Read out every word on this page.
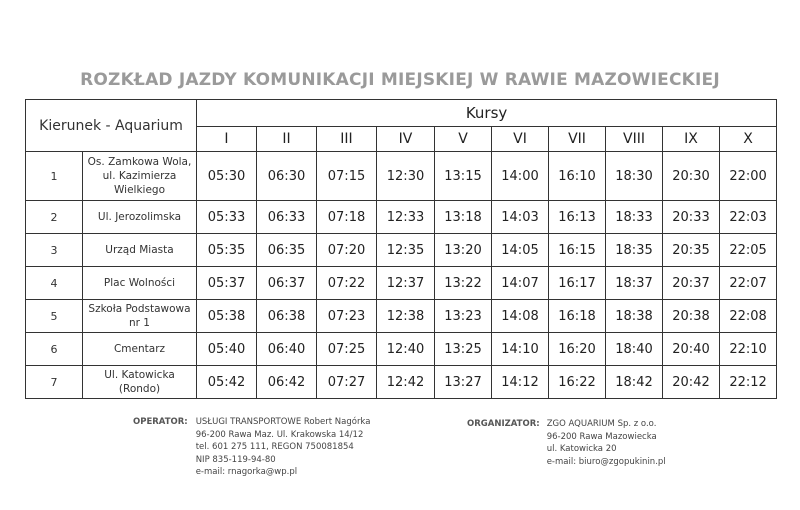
ROZKŁAD JAZDY KOMUNIKACJI MIEJSKIEJ W RAWIE MAZOWIECKIEJ
Kierunek - Aquarium		Kursy									
		I	II	III	IV	V	VI	VII	VIII	IX	X
1	Os. Zamkowa Wola, ul. Kazimierza Wielkiego	05:30	06:30	07:15	12:30	13:15	14:00	16:10	18:30	20:30	22:00
2	Ul. Jerozolimska	05:33	06:33	07:18	12:33	13:18	14:03	16:13	18:33	20:33	22:03
3	Urząd Miasta	05:35	06:35	07:20	12:35	13:20	14:05	16:15	18:35	20:35	22:05
4	Plac Wolności	05:37	06:37	07:22	12:37	13:22	14:07	16:17	18:37	20:37	22:07
5	Szkoła Podstawowa nr 1	05:38	06:38	07:23	12:38	13:23	14:08	16:18	18:38	20:38	22:08
6	Cmentarz	05:40	06:40	07:25	12:40	13:25	14:10	16:20	18:40	20:40	22:10
7	Ul. Katowicka (Rondo)	05:42	06:42	07:27	12:42	13:27	14:12	16:22	18:42	20:42	22:12
OPERATOR: USŁUGI TRANSPORTOWE Robert Nagórka
96-200 Rawa Maz. Ul. Krakowska 14/12
tel. 601 275 111, REGON 750081854
NIP 835-119-94-80
e-mail: rnagorka@wp.pl
ORGANIZATOR: ZGO AQUARIUM Sp. z o.o.
96-200 Rawa Mazowiecka
ul. Katowicka 20
e-mail: biuro@zgopukinin.pl
